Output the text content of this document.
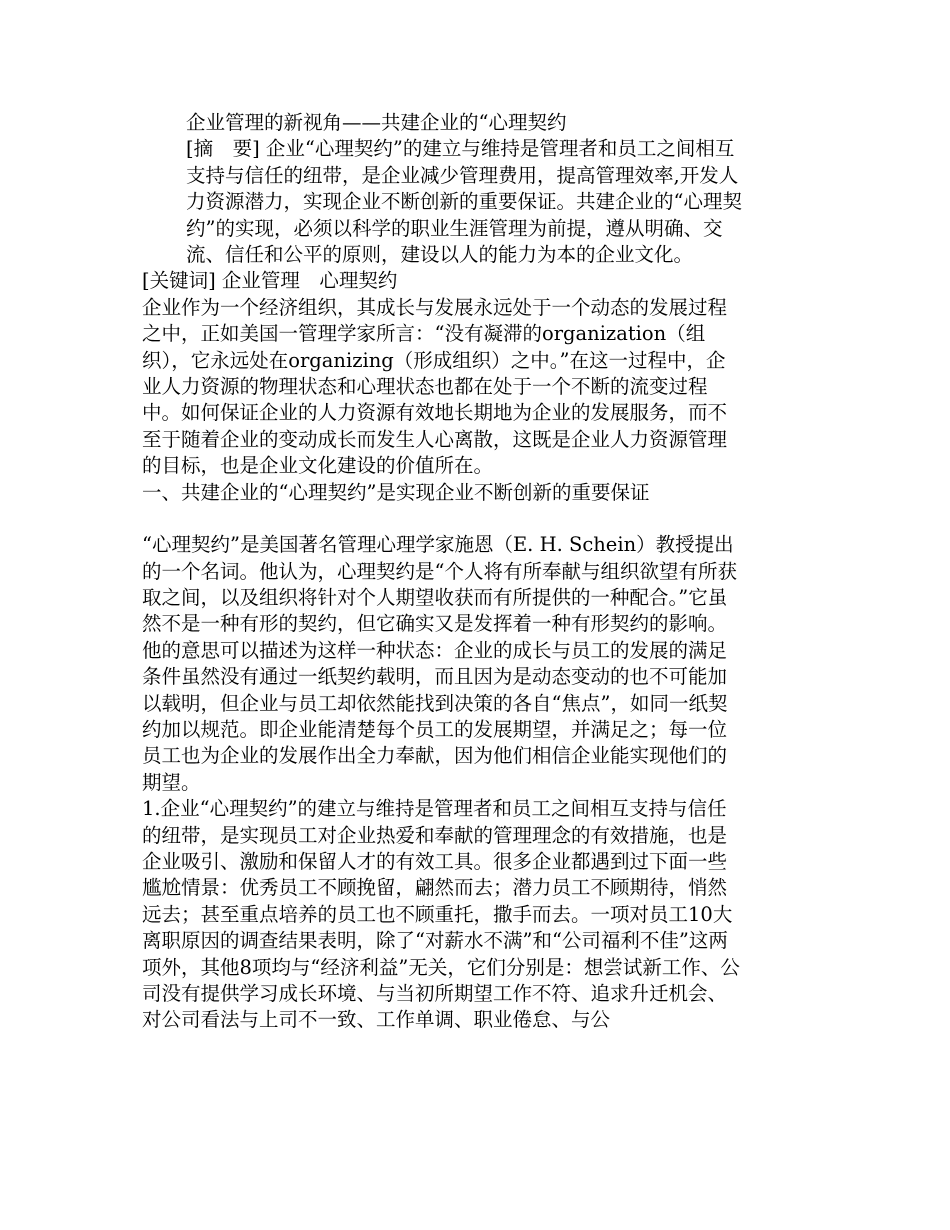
企业管理的新视角——共建企业的“心理契约

[摘　要] 企业“心理契约”的建立与维持是管理者和员工之间相互支持与信任的纽带，是企业减少管理费用，提高管理效率,开发人力资源潜力，实现企业不断创新的重要保证。共建企业的“心理契约”的实现，必须以科学的职业生涯管理为前提，遵从明确、交流、信任和公平的原则，建设以人的能力为本的企业文化。

[关键词] 企业管理　心理契约

企业作为一个经济组织，其成长与发展永远处于一个动态的发展过程之中，正如美国一管理学家所言：“没有凝滞的organization（组织），它永远处在organizing（形成组织）之中。”在这一过程中，企业人力资源的物理状态和心理状态也都在处于一个不断的流变过程中。如何保证企业的人力资源有效地长期地为企业的发展服务，而不至于随着企业的变动成长而发生人心离散，这既是企业人力资源管理的目标，也是企业文化建设的价值所在。

一、共建企业的“心理契约”是实现企业不断创新的重要保证

“心理契约”是美国著名管理心理学家施恩（E. H. Schein）教授提出的一个名词。他认为，心理契约是“个人将有所奉献与组织欲望有所获取之间，以及组织将针对个人期望收获而有所提供的一种配合。”它虽然不是一种有形的契约，但它确实又是发挥着一种有形契约的影响。他的意思可以描述为这样一种状态：企业的成长与员工的发展的满足条件虽然没有通过一纸契约载明，而且因为是动态变动的也不可能加以载明，但企业与员工却依然能找到决策的各自“焦点”，如同一纸契约加以规范。即企业能清楚每个员工的发展期望，并满足之；每一位员工也为企业的发展作出全力奉献，因为他们相信企业能实现他们的期望。

1.企业“心理契约”的建立与维持是管理者和员工之间相互支持与信任的纽带，是实现员工对企业热爱和奉献的管理理念的有效措施，也是企业吸引、激励和保留人才的有效工具。很多企业都遇到过下面一些尴尬情景：优秀员工不顾挽留，翩然而去；潜力员工不顾期待，悄然远去；甚至重点培养的员工也不顾重托，撒手而去。一项对员工10大离职原因的调查结果表明，除了“对薪水不满”和“公司福利不佳”这两项外，其他8项均与“经济利益”无关，它们分别是：想尝试新工作、公司没有提供学习成长环境、与当初所期望工作不符、追求升迁机会、对公司看法与上司不一致、工作单调、职业倦怠、与公
